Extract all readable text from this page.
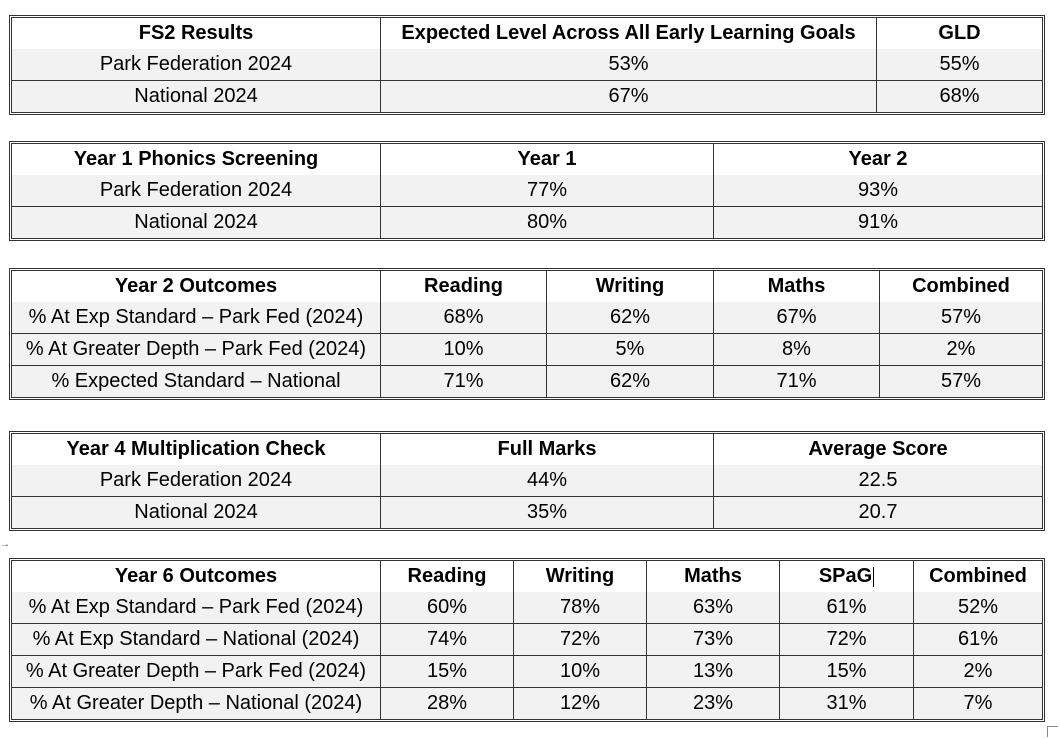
→
FS2 Results	Expected Level Across All Early Learning Goals	GLD
Park Federation 2024	53%	55%
National 2024	67%	68%
Year 1 Phonics Screening	Year 1	Year 2
Park Federation 2024	77%	93%
National 2024	80%	91%
Year 2 Outcomes	Reading	Writing	Maths	Combined
% At Exp Standard – Park Fed (2024)	68%	62%	67%	57%
% At Greater Depth – Park Fed (2024)	10%	5%	8%	2%
% Expected Standard – National	71%	62%	71%	57%
Year 4 Multiplication Check	Full Marks	Average Score
Park Federation 2024	44%	22.5
National 2024	35%	20.7
Year 6 Outcomes	Reading	Writing	Maths	SPaG	Combined
% At Exp Standard – Park Fed (2024)	60%	78%	63%	61%	52%
% At Exp Standard – National (2024)	74%	72%	73%	72%	61%
% At Greater Depth – Park Fed (2024)	15%	10%	13%	15%	2%
% At Greater Depth – National (2024)	28%	12%	23%	31%	7%
